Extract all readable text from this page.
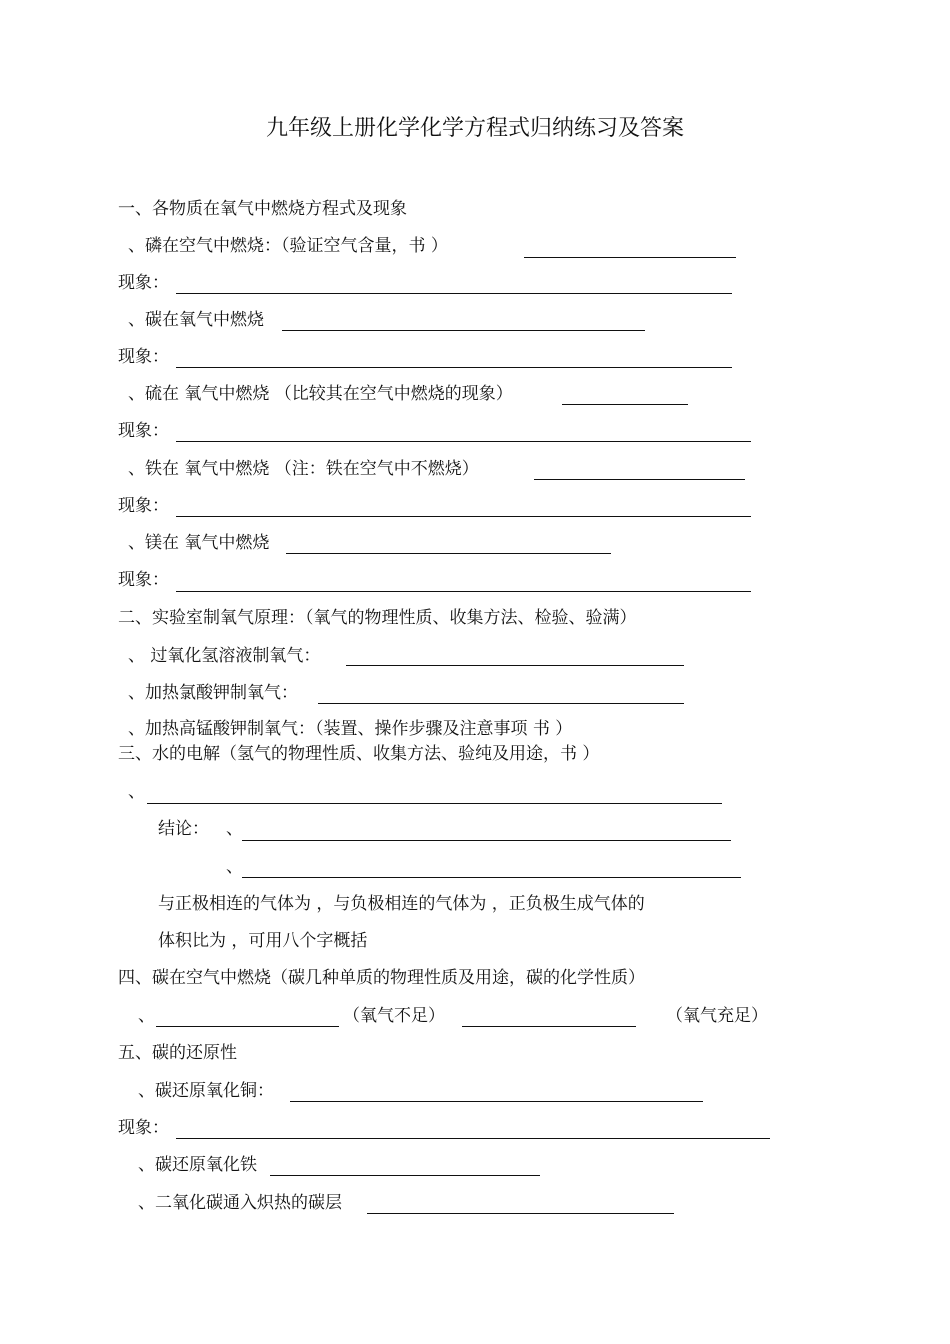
九年级上册化学化学方程式归纳练习及答案
一、各物质在氧气中燃烧方程式及现象
、磷在空气中燃烧：（验证空气含量，书 ）
现象：
、碳在氧气中燃烧
现象：
、硫在 氧气中燃烧 （比较其在空气中燃烧的现象）
现象：
、铁在 氧气中燃烧 （注：铁在空气中不燃烧）
现象：
、镁在 氧气中燃烧
现象：
二、实验室制氧气原理：（氧气的物理性质、收集方法、检验、验满）
、 过氧化氢溶液制氧气：
、加热氯酸钾制氧气：
、加热高锰酸钾制氧气：（装置、操作步骤及注意事项 书 ）
三、水的电解（氢气的物理性质、收集方法、验纯及用途，书 ）
、
结论： 、
、
与正极相连的气体为 ，与负极相连的气体为 ，正负极生成气体的
体积比为 ，可用八个字概括
四、碳在空气中燃烧（碳几种单质的物理性质及用途，碳的化学性质）
、	（氧气不足）	（氧气充足）
五、碳的还原性
、碳还原氧化铜：
现象：
、碳还原氧化铁
、二氧化碳通入炽热的碳层
